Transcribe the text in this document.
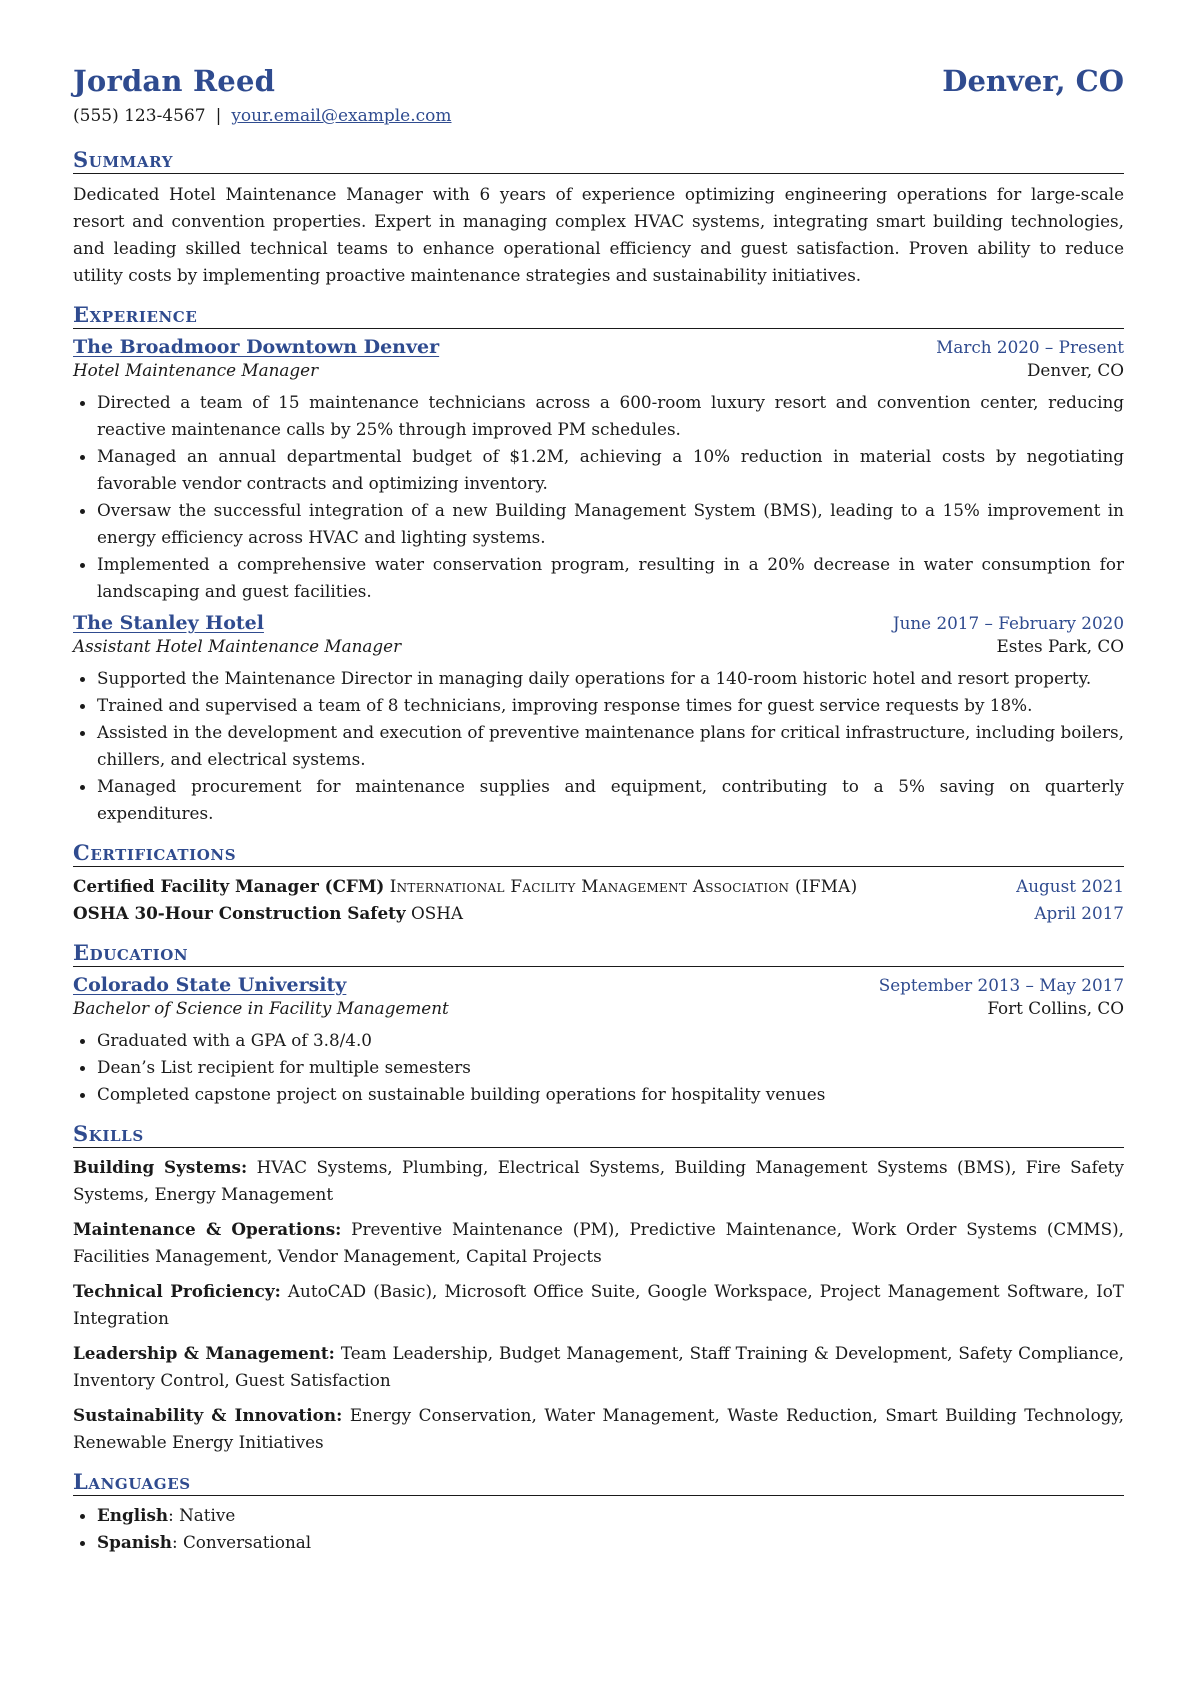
Jordan Reed	Denver, CO
(555) 123-4567 | your.email@example.com
Summary
Dedicated Hotel Maintenance Manager with 6 years of experience optimizing engineering operations for large-scale resort and convention properties. Expert in managing complex HVAC systems, integrating smart building technologies, and leading skilled technical teams to enhance operational efficiency and guest satisfaction. Proven ability to reduce utility costs by implementing proactive maintenance strategies and sustainability initiatives.
Experience
The Broadmoor Downtown Denver	March 2020 – Present
Hotel Maintenance Manager	Denver, CO
• Directed a team of 15 maintenance technicians across a 600-room luxury resort and convention center, reducing reactive maintenance calls by 25% through improved PM schedules.
• Managed an annual departmental budget of $1.2M, achieving a 10% reduction in material costs by negotiating favorable vendor contracts and optimizing inventory.
• Oversaw the successful integration of a new Building Management System (BMS), leading to a 15% improvement in energy efficiency across HVAC and lighting systems.
• Implemented a comprehensive water conservation program, resulting in a 20% decrease in water consumption for landscaping and guest facilities.
The Stanley Hotel	June 2017 – February 2020
Assistant Hotel Maintenance Manager	Estes Park, CO
• Supported the Maintenance Director in managing daily operations for a 140-room historic hotel and resort property.
• Trained and supervised a team of 8 technicians, improving response times for guest service requests by 18%.
• Assisted in the development and execution of preventive maintenance plans for critical infrastructure, including boilers, chillers, and electrical systems.
• Managed procurement for maintenance supplies and equipment, contributing to a 5% saving on quarterly expenditures.
Certifications
Certified Facility Manager (CFM) International Facility Management Association (IFMA)	August 2021
OSHA 30-Hour Construction Safety OSHA	April 2017
Education
Colorado State University	September 2013 – May 2017
Bachelor of Science in Facility Management	Fort Collins, CO
• Graduated with a GPA of 3.8/4.0
• Dean’s List recipient for multiple semesters
• Completed capstone project on sustainable building operations for hospitality venues
Skills
Building Systems: HVAC Systems, Plumbing, Electrical Systems, Building Management Systems (BMS), Fire Safety Systems, Energy Management
Maintenance & Operations: Preventive Maintenance (PM), Predictive Maintenance, Work Order Systems (CMMS), Facilities Management, Vendor Management, Capital Projects
Technical Proficiency: AutoCAD (Basic), Microsoft Office Suite, Google Workspace, Project Management Software, IoT Integration
Leadership & Management: Team Leadership, Budget Management, Staff Training & Development, Safety Compliance, Inventory Control, Guest Satisfaction
Sustainability & Innovation: Energy Conservation, Water Management, Waste Reduction, Smart Building Technology, Renewable Energy Initiatives
Languages
• English: Native
• Spanish: Conversational
